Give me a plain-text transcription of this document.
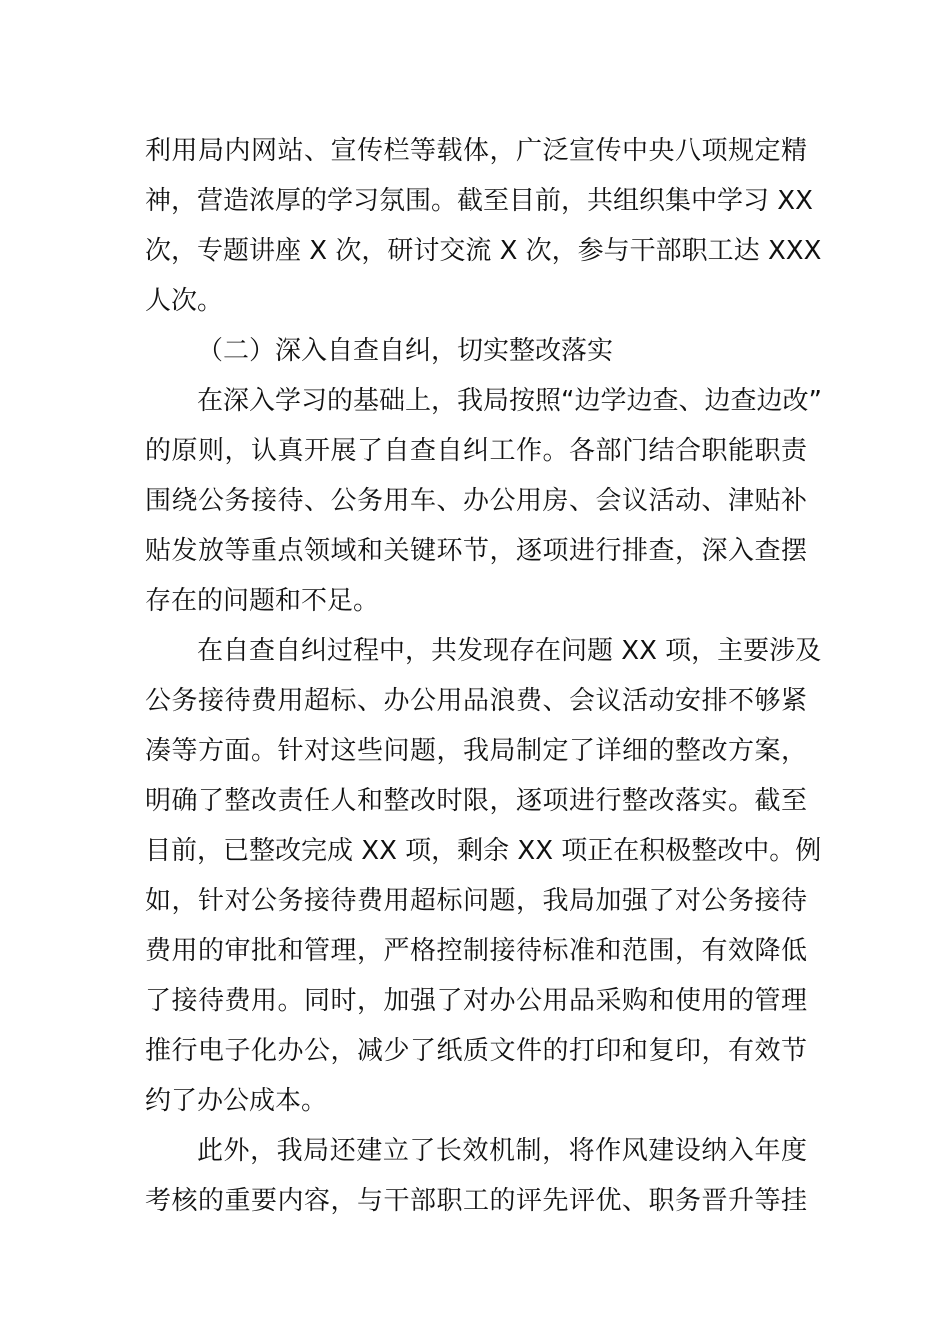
利用局内网站、宣传栏等载体，广泛宣传中央八项规定精
神，营造浓厚的学习氛围。截至目前，共组织集中学习 XX
次，专题讲座 X 次，研讨交流 X 次，参与干部职工达 XXX
人次。
（二）深入自查自纠，切实整改落实
在深入学习的基础上，我局按照“边学边查、边查边改”
的原则，认真开展了自查自纠工作。各部门结合职能职责
围绕公务接待、公务用车、办公用房、会议活动、津贴补
贴发放等重点领域和关键环节，逐项进行排查，深入查摆
存在的问题和不足。
在自查自纠过程中，共发现存在问题 XX 项，主要涉及
公务接待费用超标、办公用品浪费、会议活动安排不够紧
凑等方面。针对这些问题，我局制定了详细的整改方案，
明确了整改责任人和整改时限，逐项进行整改落实。截至
目前，已整改完成 XX 项，剩余 XX 项正在积极整改中。例
如，针对公务接待费用超标问题，我局加强了对公务接待
费用的审批和管理，严格控制接待标准和范围，有效降低
了接待费用。同时，加强了对办公用品采购和使用的管理
推行电子化办公，减少了纸质文件的打印和复印，有效节
约了办公成本。
此外，我局还建立了长效机制，将作风建设纳入年度
考核的重要内容，与干部职工的评先评优、职务晋升等挂
